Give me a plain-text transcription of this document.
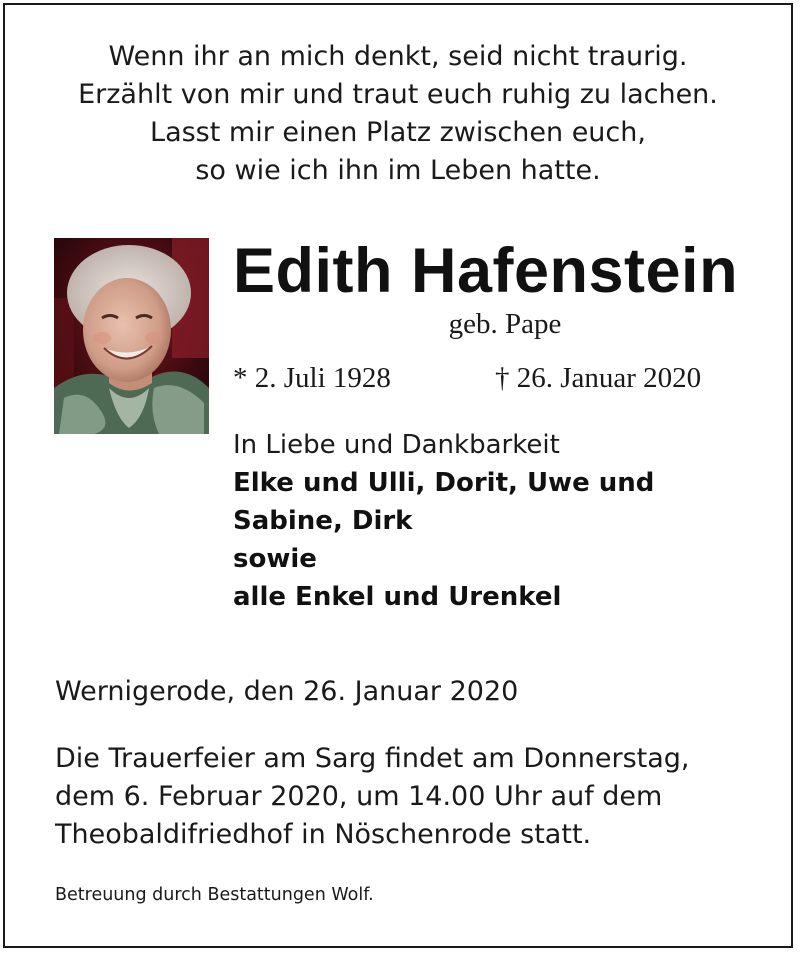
Wenn ihr an mich denkt, seid nicht traurig.
Erzählt von mir und traut euch ruhig zu lachen.
Lasst mir einen Platz zwischen euch,
so wie ich ihn im Leben hatte.
Edith Hafenstein
geb. Pape
* 2. Juli 1928	† 26. Januar 2020
In Liebe und Dankbarkeit
Elke und Ulli, Dorit, Uwe und
Sabine, Dirk
sowie
alle Enkel und Urenkel
Wernigerode, den 26. Januar 2020
Die Trauerfeier am Sarg findet am Donnerstag,
dem 6. Februar 2020, um 14.00 Uhr auf dem
Theobaldifriedhof in Nöschenrode statt.
Betreuung durch Bestattungen Wolf.
